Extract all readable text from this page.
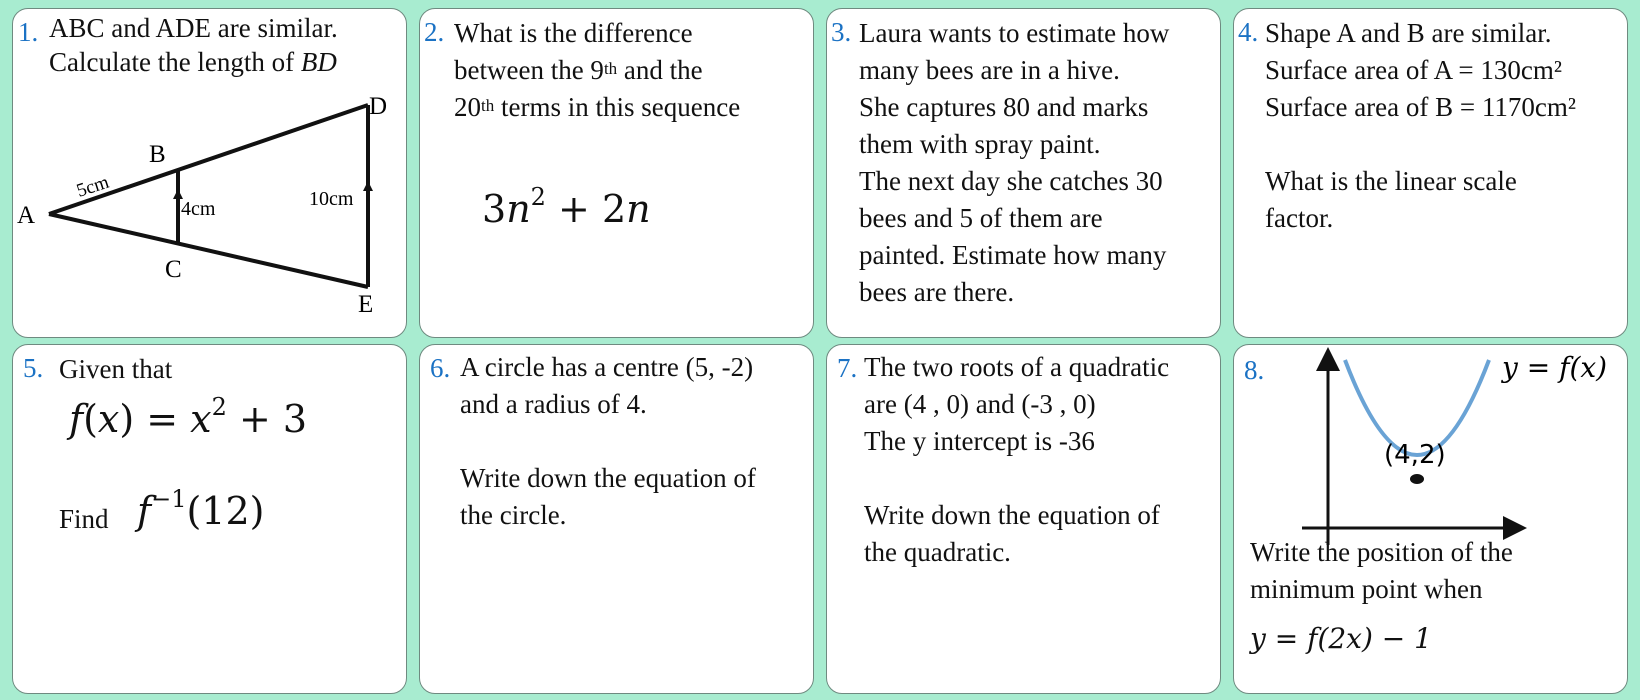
1. ABC and ADE are similar.
Calculate the length of BD
A
B
C
D
E
5cm
4cm	10cm
2. What is the difference
between the 9th and the
20th terms in this sequence
$3n^2 + 2n$
3. Laura wants to estimate how
many bees are in a hive.
She captures 80 and marks
them with spray paint.
The next day she catches 30
bees and 5 of them are
painted. Estimate how many
bees are there.
4. Shape A and B are similar.
Surface area of A = 130cm²
Surface area of B = 1170cm²
What is the linear scale
factor.
5. Given that
$f(x) = x^2 + 3$
Find $f^{-1}(12)$
6. A circle has a centre (5, -2)
and a radius of 4.
Write down the equation of
the circle.
7. The two roots of a quadratic
are (4 , 0) and (-3 , 0)
The y intercept is -36
Write down the equation of
the quadratic.
8.
(4,2)
y = f(x)
Write the position of the
minimum point when
y = f(2x) − 1
